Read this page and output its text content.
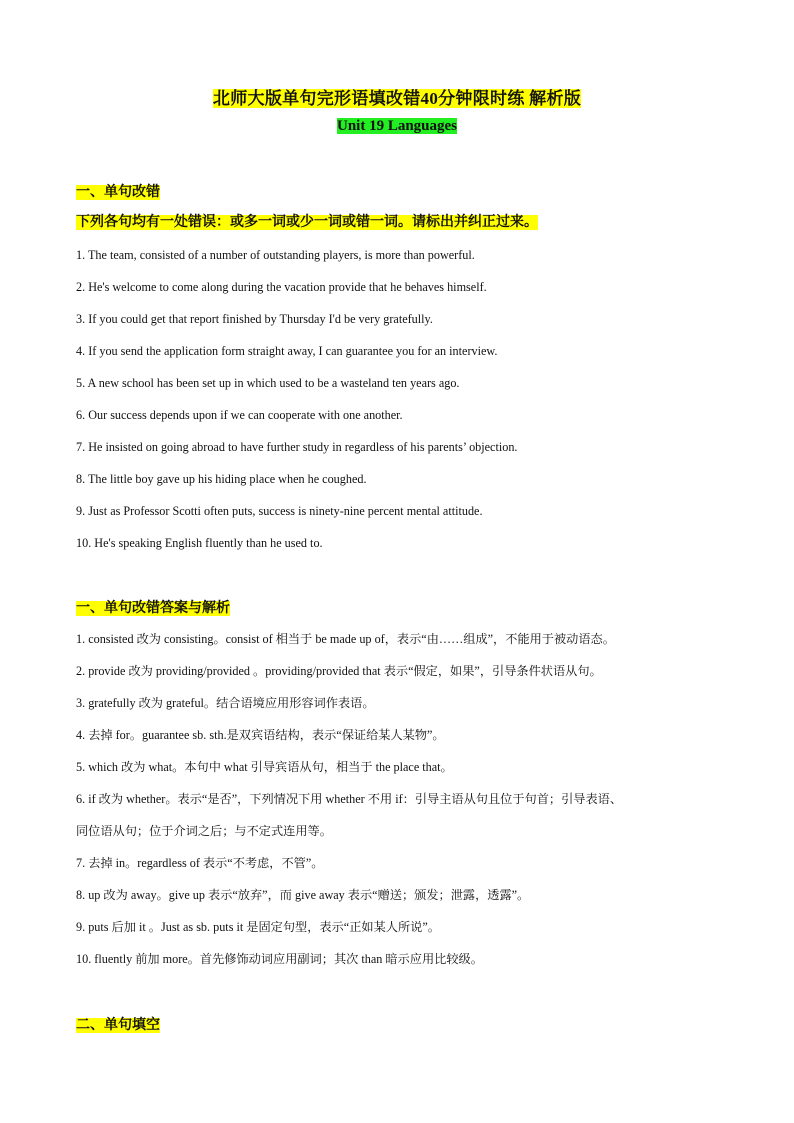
北师大版单句完形语填改错40分钟限时练 解析版
Unit 19 Languages
一、单句改错
下列各句均有一处错误：或多一词或少一词或错一词。请标出并纠正过来。
1. The team, consisted of a number of outstanding players, is more than powerful.
2. He's welcome to come along during the vacation provide that he behaves himself.
3. If you could get that report finished by Thursday I'd be very gratefully.
4. If you send the application form straight away, I can guarantee you for an interview.
5. A new school has been set up in which used to be a wasteland ten years ago.
6. Our success depends upon if we can cooperate with one another.
7. He insisted on going abroad to have further study in regardless of his parents’ objection.
8. The little boy gave up his hiding place when he coughed.
9. Just as Professor Scotti often puts, success is ninety-nine percent mental attitude.
10. He's speaking English fluently than he used to.
一、单句改错答案与解析
1. consisted 改为 consisting。consist of 相当于 be made up of，表示“由……组成”，不能用于被动语态。
2. provide 改为 providing/provided 。providing/provided that 表示“假定，如果”，引导条件状语从句。
3. gratefully 改为 grateful。结合语境应用形容词作表语。
4. 去掉 for。guarantee sb. sth.是双宾语结构，表示“保证给某人某物”。
5. which 改为 what。本句中 what 引导宾语从句，相当于 the place that。
6. if 改为 whether。表示“是否”，下列情况下用 whether 不用 if：引导主语从句且位于句首；引导表语、
7. 去掉 in。regardless of 表示“不考虑，不管”。
8. up 改为 away。give up 表示“放弃”，而 give away 表示“赠送；颁发；泄露，透露”。
9. puts 后加 it 。Just as sb. puts it 是固定句型，表示“正如某人所说”。
10. fluently 前加 more。首先修饰动词应用副词；其次 than 暗示应用比较级。
同位语从句；位于介词之后；与不定式连用等。
二、单句填空
